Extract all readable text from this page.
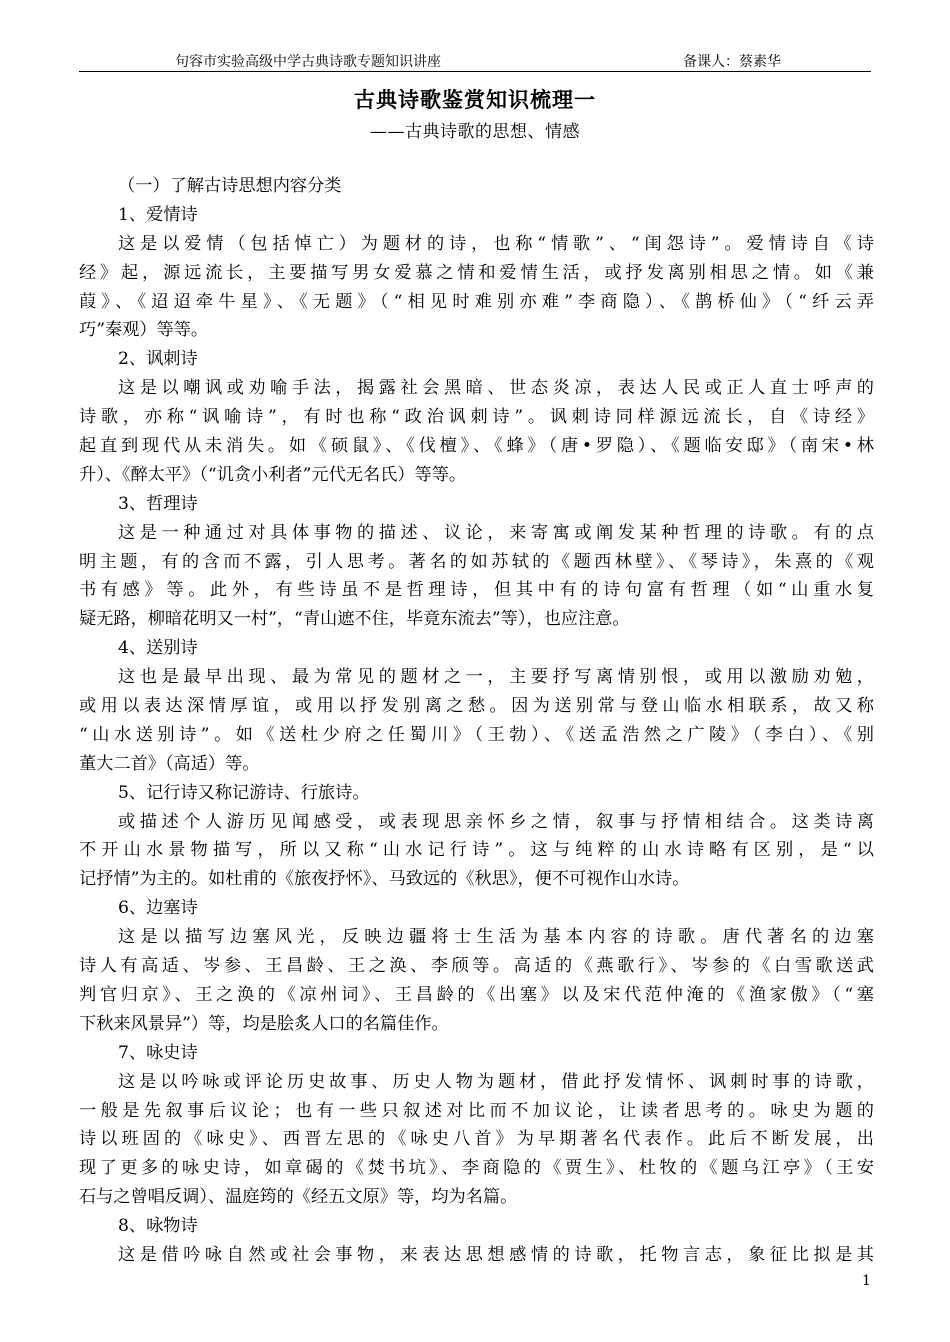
句容市实验高级中学古典诗歌专题知识讲座	备课人：蔡素华
古典诗歌鉴赏知识梳理一
——古典诗歌的思想、情感
（一）了解古诗思想内容分类
1、爱情诗
这是以爱情（包括悼亡）为题材的诗，也称“情歌”、“闺怨诗”。爱情诗自《诗
经》起，源远流长，主要描写男女爱慕之情和爱情生活，或抒发离别相思之情。如《兼
葭》、《迢迢牵牛星》、《无题》（“相见时难别亦难”李商隐）、《鹊桥仙》（“纤云弄
巧”秦观）等等。
2、讽刺诗
这是以嘲讽或劝喻手法，揭露社会黑暗、世态炎凉，表达人民或正人直士呼声的
诗歌，亦称“讽喻诗”，有时也称“政治讽刺诗”。讽刺诗同样源远流长，自《诗经》
起直到现代从未消失。如《硕鼠》、《伐檀》、《蜂》（唐•罗隐）、《题临安邸》（南宋•林
升）、《醉太平》（“讥贪小利者”元代无名氏）等等。
3、哲理诗
这是一种通过对具体事物的描述、议论，来寄寓或阐发某种哲理的诗歌。有的点
明主题，有的含而不露，引人思考。著名的如苏轼的《题西林壁》、《琴诗》，朱熹的《观
书有感》等。此外，有些诗虽不是哲理诗，但其中有的诗句富有哲理（如“山重水复
疑无路，柳暗花明又一村”，“青山遮不住，毕竟东流去”等），也应注意。
4、送别诗
这也是最早出现、最为常见的题材之一，主要抒写离情别恨，或用以激励劝勉，
或用以表达深情厚谊，或用以抒发别离之愁。因为送别常与登山临水相联系，故又称
“山水送别诗”。如《送杜少府之任蜀川》（王勃）、《送孟浩然之广陵》（李白）、《别
董大二首》（高适）等。
5、记行诗又称记游诗、行旅诗。
或描述个人游历见闻感受，或表现思亲怀乡之情，叙事与抒情相结合。这类诗离
不开山水景物描写，所以又称“山水记行诗”。这与纯粹的山水诗略有区别，是“以
记抒情”为主的。如杜甫的《旅夜抒怀》、马致远的《秋思》，便不可视作山水诗。
6、边塞诗
这是以描写边塞风光，反映边疆将士生活为基本内容的诗歌。唐代著名的边塞
诗人有高适、岑参、王昌龄、王之涣、李颀等。高适的《燕歌行》、岑参的《白雪歌送武
判官归京》、王之涣的《凉州词》、王昌龄的《出塞》以及宋代范仲淹的《渔家傲》（“塞
下秋来风景异”）等，均是脍炙人口的名篇佳作。
7、咏史诗
这是以吟咏或评论历史故事、历史人物为题材，借此抒发情怀、讽刺时事的诗歌，
一般是先叙事后议论；也有一些只叙述对比而不加议论，让读者思考的。咏史为题的
诗以班固的《咏史》、西晋左思的《咏史八首》为早期著名代表作。此后不断发展，出
现了更多的咏史诗，如章碣的《焚书坑》、李商隐的《贾生》、杜牧的《题乌江亭》（王安
石与之曾唱反调）、温庭筠的《经五文原》等，均为名篇。
8、咏物诗
这是借吟咏自然或社会事物，来表达思想感情的诗歌，托物言志，象征比拟是其
1
